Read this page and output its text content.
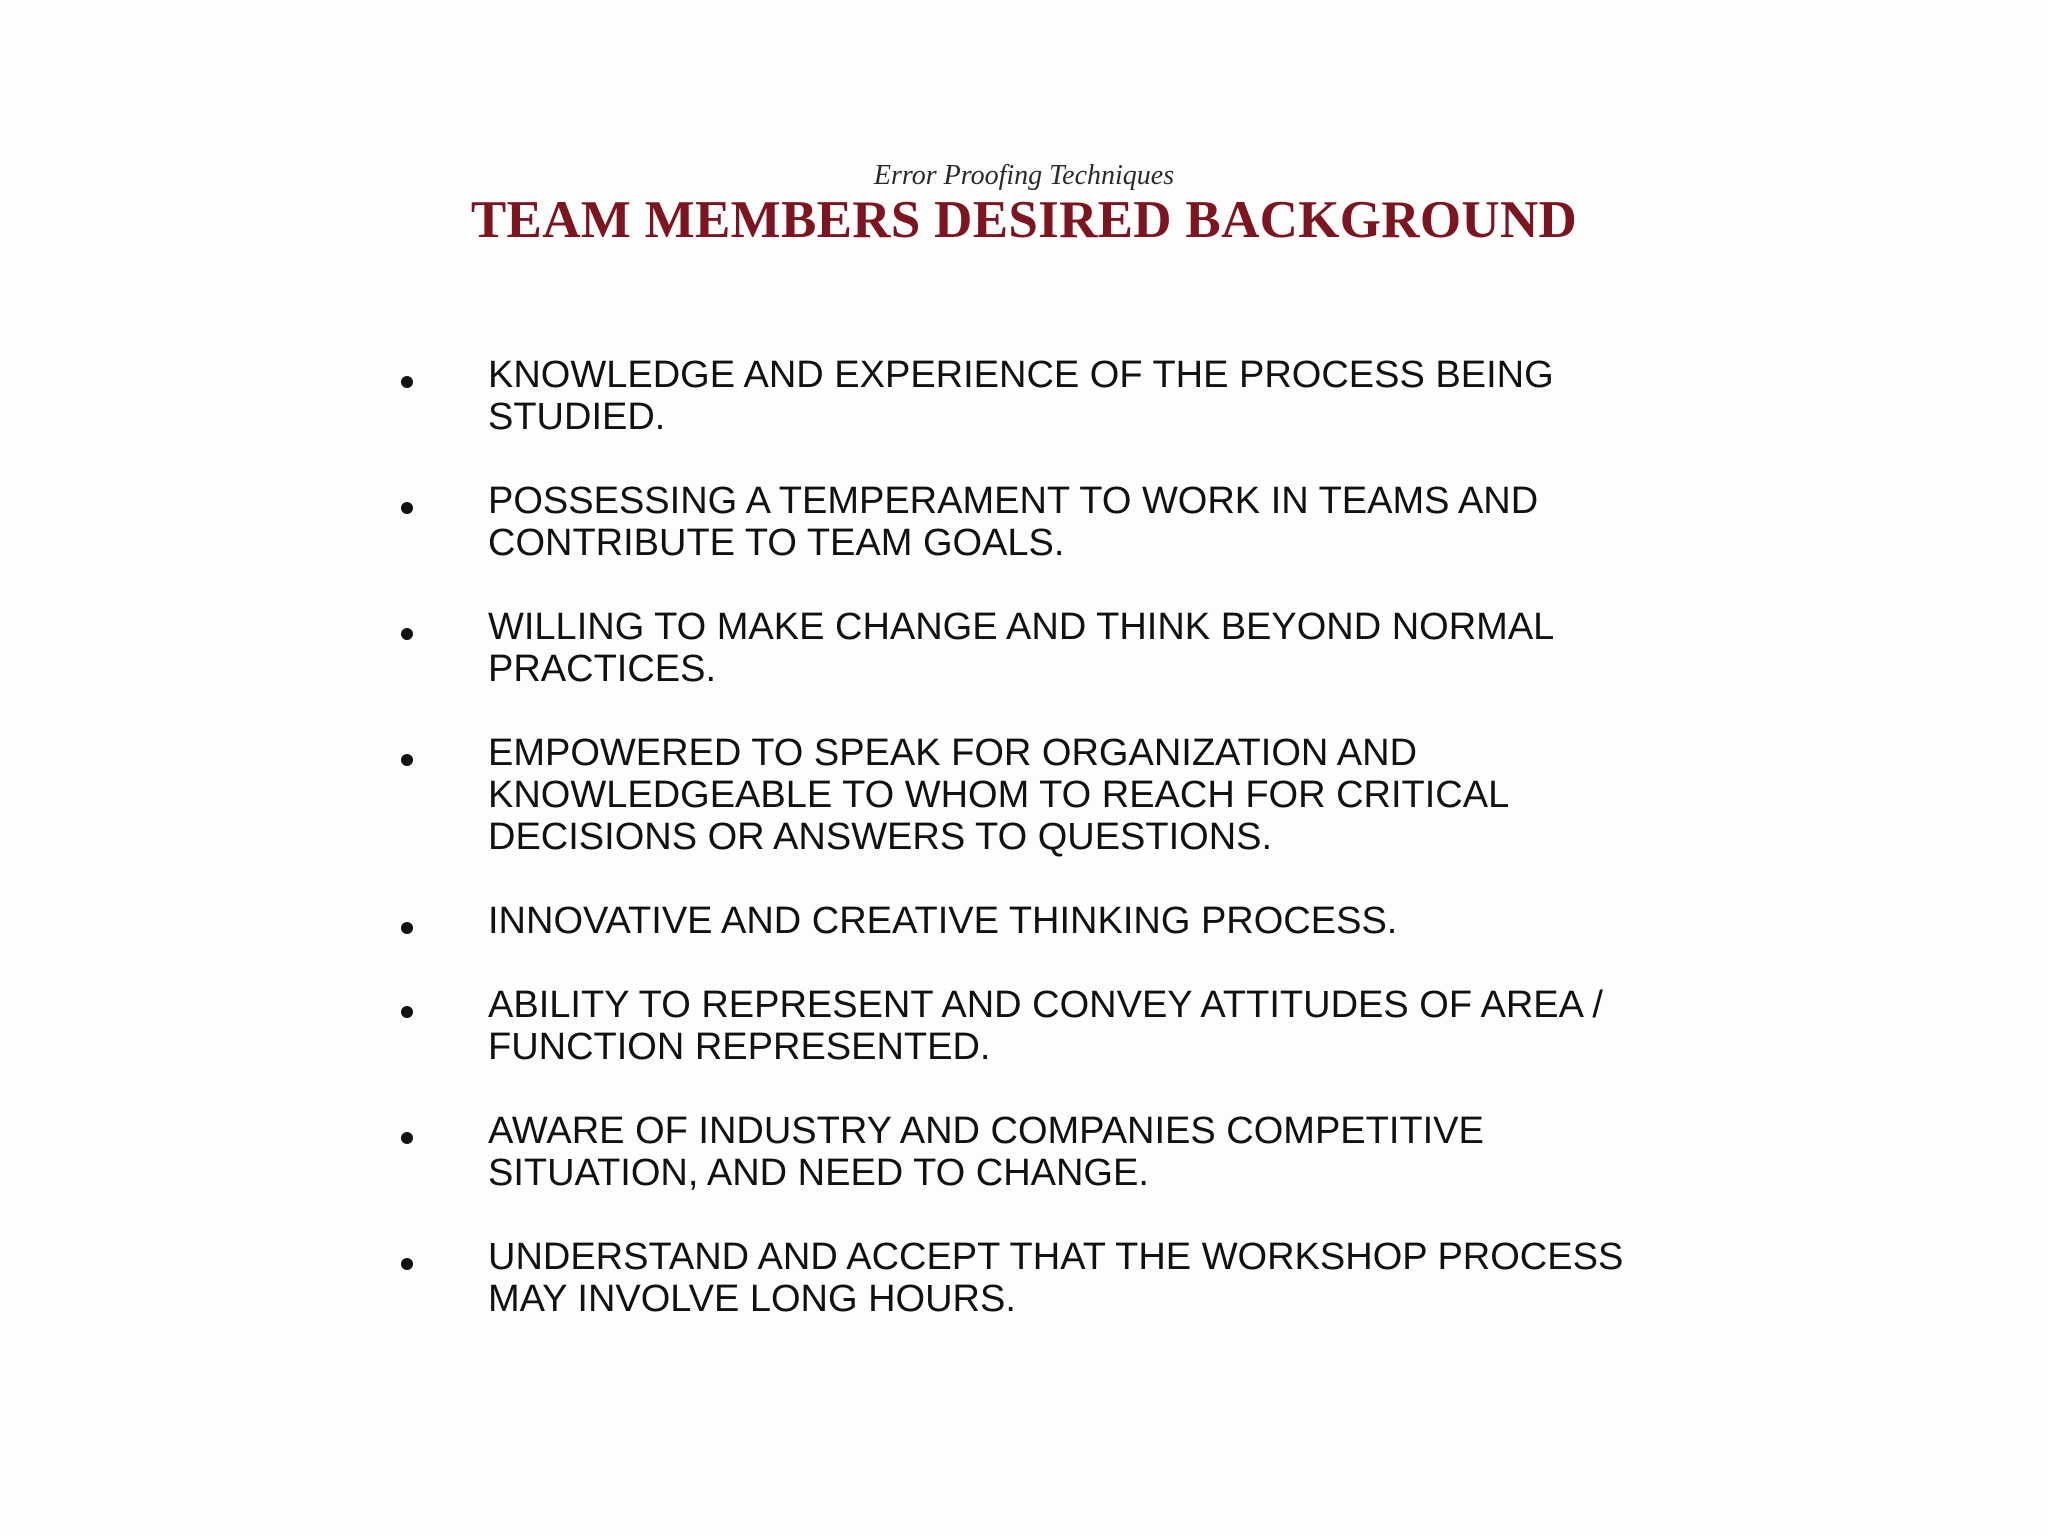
Error Proofing Techniques
TEAM MEMBERS DESIRED BACKGROUND
KNOWLEDGE AND EXPERIENCE OF THE PROCESS BEING STUDIED.
POSSESSING A TEMPERAMENT TO WORK IN TEAMS AND CONTRIBUTE TO TEAM GOALS.
WILLING TO MAKE CHANGE AND THINK BEYOND NORMAL PRACTICES.
EMPOWERED TO SPEAK FOR ORGANIZATION AND KNOWLEDGEABLE TO WHOM TO REACH FOR CRITICAL DECISIONS OR ANSWERS TO QUESTIONS.
INNOVATIVE AND CREATIVE THINKING PROCESS.
ABILITY TO REPRESENT AND CONVEY ATTITUDES OF AREA / FUNCTION REPRESENTED.
AWARE OF INDUSTRY AND COMPANIES COMPETITIVE SITUATION, AND NEED TO CHANGE.
UNDERSTAND AND ACCEPT THAT THE WORKSHOP PROCESS MAY INVOLVE LONG HOURS.
